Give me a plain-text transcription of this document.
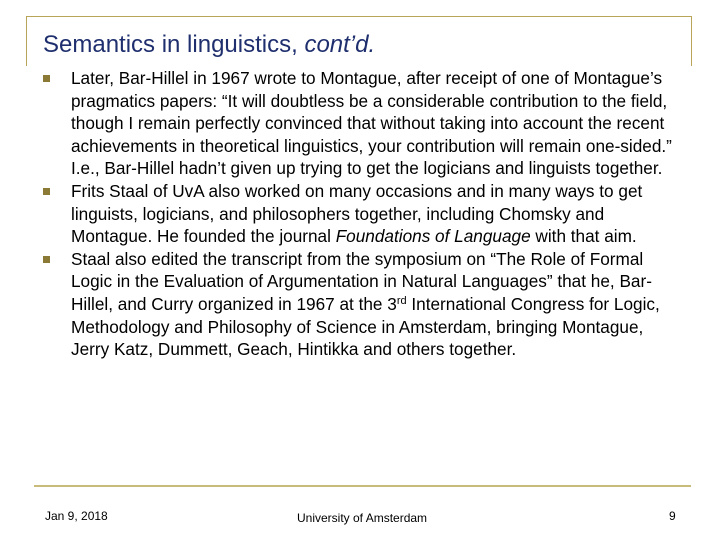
Semantics in linguistics, cont’d.
Later, Bar-Hillel in 1967 wrote to Montague, after receipt of one of Montague’s pragmatics papers: “It will doubtless be a considerable contribution to the field, though I remain perfectly convinced that without taking into account the recent achievements in theoretical linguistics, your contribution will remain one-sided.” I.e., Bar-Hillel hadn’t given up trying to get the logicians and linguists together.
Frits Staal of UvA also worked on many occasions and in many ways to get linguists, logicians, and philosophers together, including Chomsky and Montague. He founded the journal Foundations of Language with that aim.
Staal also edited the transcript from the symposium on “The Role of Formal Logic in the Evaluation of Argumentation in Natural Languages” that he, Bar-Hillel, and Curry organized in 1967 at the 3rd International Congress for Logic, Methodology and Philosophy of Science in Amsterdam, bringing Montague, Jerry Katz, Dummett, Geach, Hintikka and others together.
Jan 9, 2018	University of Amsterdam	9
